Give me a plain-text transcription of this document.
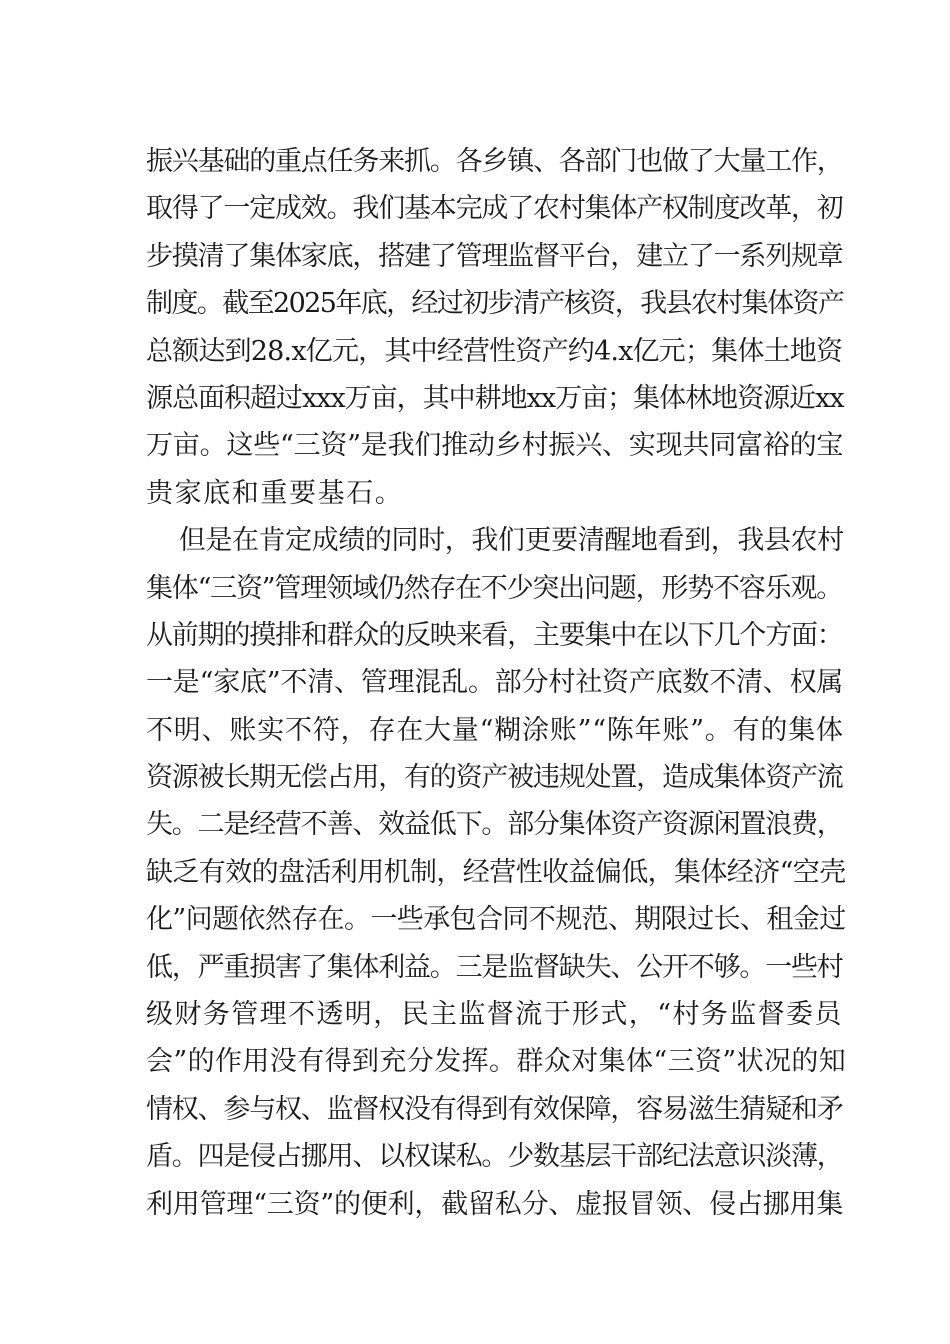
振兴基础的重点任务来抓。各乡镇、各部门也做了大量工作，
取得了一定成效。我们基本完成了农村集体产权制度改革，初
步摸清了集体家底，搭建了管理监督平台，建立了一系列规章
制度。截至2025年底，经过初步清产核资，我县农村集体资产
总额达到28.x亿元，其中经营性资产约4.x亿元；集体土地资
源总面积超过xxx万亩，其中耕地xx万亩；集体林地资源近xx
万亩。这些“三资”是我们推动乡村振兴、实现共同富裕的宝
贵家底和重要基石。
但是在肯定成绩的同时，我们更要清醒地看到，我县农村
集体“三资”管理领域仍然存在不少突出问题，形势不容乐观。
从前期的摸排和群众的反映来看，主要集中在以下几个方面：
一是“家底”不清、管理混乱。部分村社资产底数不清、权属
不明、账实不符，存在大量“糊涂账”“陈年账”。有的集体
资源被长期无偿占用，有的资产被违规处置，造成集体资产流
失。二是经营不善、效益低下。部分集体资产资源闲置浪费，
缺乏有效的盘活利用机制，经营性收益偏低，集体经济“空壳
化”问题依然存在。一些承包合同不规范、期限过长、租金过
低，严重损害了集体利益。三是监督缺失、公开不够。一些村
级财务管理不透明，民主监督流于形式，“村务监督委员
会”的作用没有得到充分发挥。群众对集体“三资”状况的知
情权、参与权、监督权没有得到有效保障，容易滋生猜疑和矛
盾。四是侵占挪用、以权谋私。少数基层干部纪法意识淡薄，
利用管理“三资”的便利，截留私分、虚报冒领、侵占挪用集
